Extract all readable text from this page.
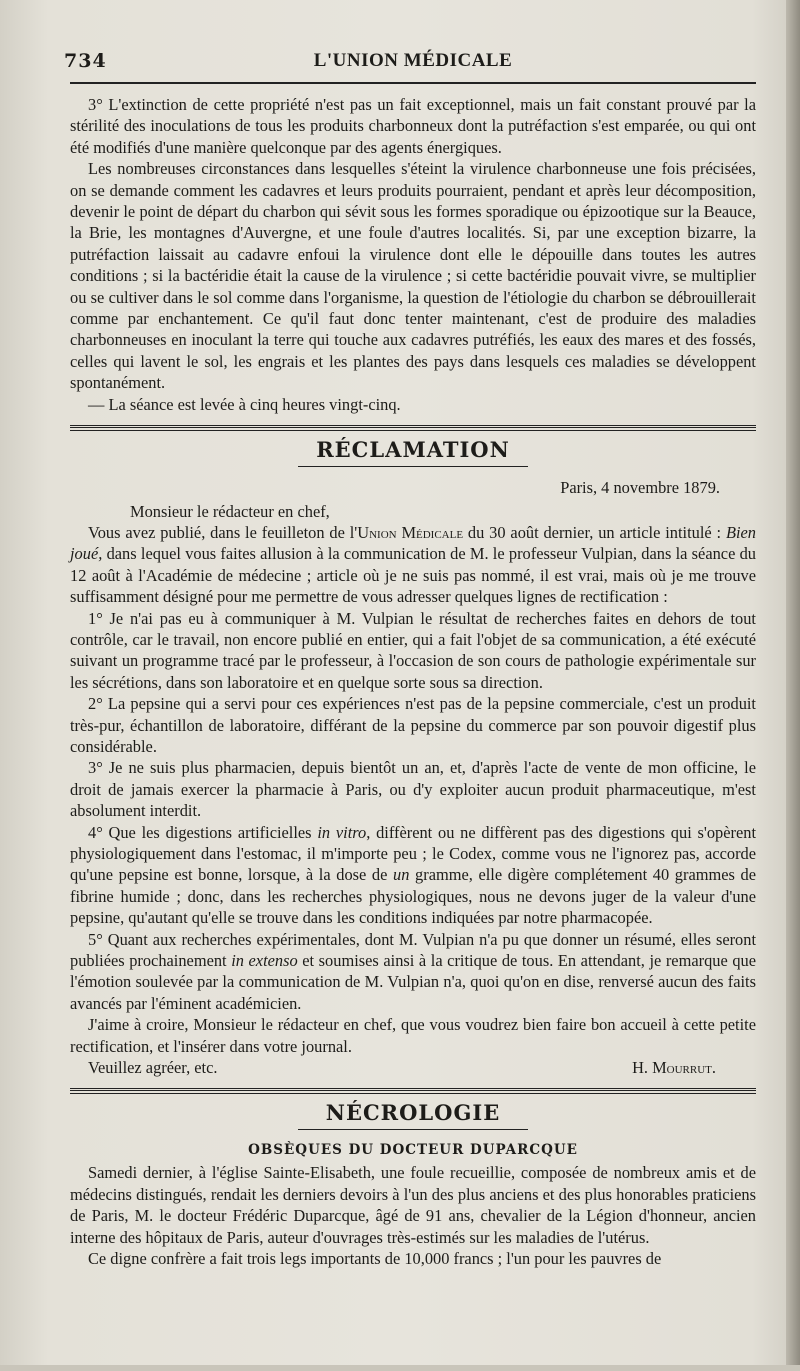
734	L'UNION MÉDICALE

3° L'extinction de cette propriété n'est pas un fait exceptionnel, mais un fait constant prouvé par la stérilité des inoculations de tous les produits charbonneux dont la putréfaction s'est emparée, ou qui ont été modifiés d'une manière quelconque par des agents énergiques.

Les nombreuses circonstances dans lesquelles s'éteint la virulence charbonneuse une fois précisées, on se demande comment les cadavres et leurs produits pourraient, pendant et après leur décomposition, devenir le point de départ du charbon qui sévit sous les formes sporadique ou épizootique sur la Beauce, la Brie, les montagnes d'Auvergne, et une foule d'autres localités. Si, par une exception bizarre, la putréfaction laissait au cadavre enfoui la virulence dont elle le dépouille dans toutes les autres conditions ; si la bactéridie était la cause de la virulence ; si cette bactéridie pouvait vivre, se multiplier ou se cultiver dans le sol comme dans l'organisme, la question de l'étiologie du charbon se débrouillerait comme par enchantement. Ce qu'il faut donc tenter maintenant, c'est de produire des maladies charbonneuses en inoculant la terre qui touche aux cadavres putréfiés, les eaux des mares et des fossés, celles qui lavent le sol, les engrais et les plantes des pays dans lesquels ces maladies se développent spontanément.

— La séance est levée à cinq heures vingt-cinq.

RÉCLAMATION
Paris, 4 novembre 1879.

Monsieur le rédacteur en chef,

Vous avez publié, dans le feuilleton de l'Union Médicale du 30 août dernier, un article intitulé : Bien joué, dans lequel vous faites allusion à la communication de M. le professeur Vulpian, dans la séance du 12 août à l'Académie de médecine ; article où je ne suis pas nommé, il est vrai, mais où je me trouve suffisamment désigné pour me permettre de vous adresser quelques lignes de rectification :

1° Je n'ai pas eu à communiquer à M. Vulpian le résultat de recherches faites en dehors de tout contrôle, car le travail, non encore publié en entier, qui a fait l'objet de sa communication, a été exécuté suivant un programme tracé par le professeur, à l'occasion de son cours de pathologie expérimentale sur les sécrétions, dans son laboratoire et en quelque sorte sous sa direction.

2° La pepsine qui a servi pour ces expériences n'est pas de la pepsine commerciale, c'est un produit très-pur, échantillon de laboratoire, différant de la pepsine du commerce par son pouvoir digestif plus considérable.

3° Je ne suis plus pharmacien, depuis bientôt un an, et, d'après l'acte de vente de mon officine, le droit de jamais exercer la pharmacie à Paris, ou d'y exploiter aucun produit pharmaceutique, m'est absolument interdit.

4° Que les digestions artificielles in vitro, diffèrent ou ne diffèrent pas des digestions qui s'opèrent physiologiquement dans l'estomac, il m'importe peu ; le Codex, comme vous ne l'ignorez pas, accorde qu'une pepsine est bonne, lorsque, à la dose de un gramme, elle digère complétement 40 grammes de fibrine humide ; donc, dans les recherches physiologiques, nous ne devons juger de la valeur d'une pepsine, qu'autant qu'elle se trouve dans les conditions indiquées par notre pharmacopée.

5° Quant aux recherches expérimentales, dont M. Vulpian n'a pu que donner un résumé, elles seront publiées prochainement in extenso et soumises ainsi à la critique de tous. En attendant, je remarque que l'émotion soulevée par la communication de M. Vulpian n'a, quoi qu'on en dise, renversé aucun des faits avancés par l'éminent académicien.

J'aime à croire, Monsieur le rédacteur en chef, que vous voudrez bien faire bon accueil à cette petite rectification, et l'insérer dans votre journal.

Veuillez agréer, etc.	H. Mourrut.
NÉCROLOGIE
OBSÈQUES DU DOCTEUR DUPARCQUE

Samedi dernier, à l'église Sainte-Elisabeth, une foule recueillie, composée de nombreux amis et de médecins distingués, rendait les derniers devoirs à l'un des plus anciens et des plus honorables praticiens de Paris, M. le docteur Frédéric Duparcque, âgé de 91 ans, chevalier de la Légion d'honneur, ancien interne des hôpitaux de Paris, auteur d'ouvrages très-estimés sur les maladies de l'utérus.

Ce digne confrère a fait trois legs importants de 10,000 francs ; l'un pour les pauvres de
